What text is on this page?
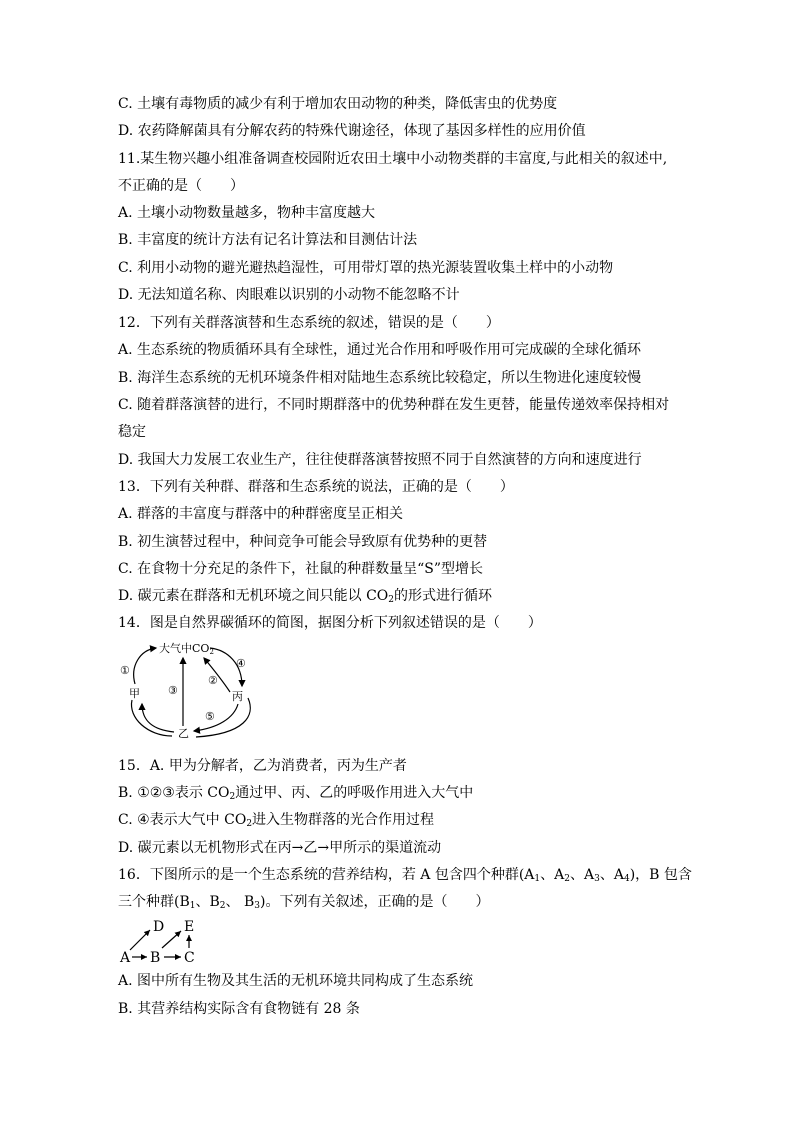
C. 土壤有毒物质的减少有利于增加农田动物的种类，降低害虫的优势度
D. 农药降解菌具有分解农药的特殊代谢途径，体现了基因多样性的应用价值
11.某生物兴趣小组准备调查校园附近农田土壤中小动物类群的丰富度,与此相关的叙述中,
不正确的是（　　）
A. 土壤小动物数量越多，物种丰富度越大
B. 丰富度的统计方法有记名计算法和目测估计法
C. 利用小动物的避光避热趋湿性，可用带灯罩的热光源装置收集土样中的小动物
D. 无法知道名称、肉眼难以识别的小动物不能忽略不计
12．下列有关群落演替和生态系统的叙述，错误的是（　　）
A. 生态系统的物质循环具有全球性，通过光合作用和呼吸作用可完成碳的全球化循环
B. 海洋生态系统的无机环境条件相对陆地生态系统比较稳定，所以生物进化速度较慢
C. 随着群落演替的进行，不同时期群落中的优势种群在发生更替，能量传递效率保持相对
稳定
D. 我国大力发展工农业生产，往往使群落演替按照不同于自然演替的方向和速度进行
13．下列有关种群、群落和生态系统的说法，正确的是（　　）
A. 群落的丰富度与群落中的种群密度呈正相关
B. 初生演替过程中，种间竞争可能会导致原有优势种的更替
C. 在食物十分充足的条件下，社鼠的种群数量呈“S”型增长
D. 碳元素在群落和无机环境之间只能以 $CO_2$的形式进行循环
14．图是自然界碳循环的简图，据图分析下列叙述错误的是（　　）
大气中CO2
甲	丙
乙
①
②
③
④
⑤
15．A. 甲为分解者，乙为消费者，丙为生产者
B. ①②③表示 $CO_2$通过甲、丙、乙的呼吸作用进入大气中
C. ④表示大气中 $CO_2$进入生物群落的光合作用过程
D. 碳元素以无机物形式在丙→乙→甲所示的渠道流动
16．下图所示的是一个生态系统的营养结构，若 A 包含四个种群($A_1$、$A_2$、$A_3$、$A_4$)，B 包含
三个种群($B_1$、$B_2$、 $B_3$)。下列有关叙述，正确的是（　　）
A B C
D E
A. 图中所有生物及其生活的无机环境共同构成了生态系统
B. 其营养结构实际含有食物链有 28 条
